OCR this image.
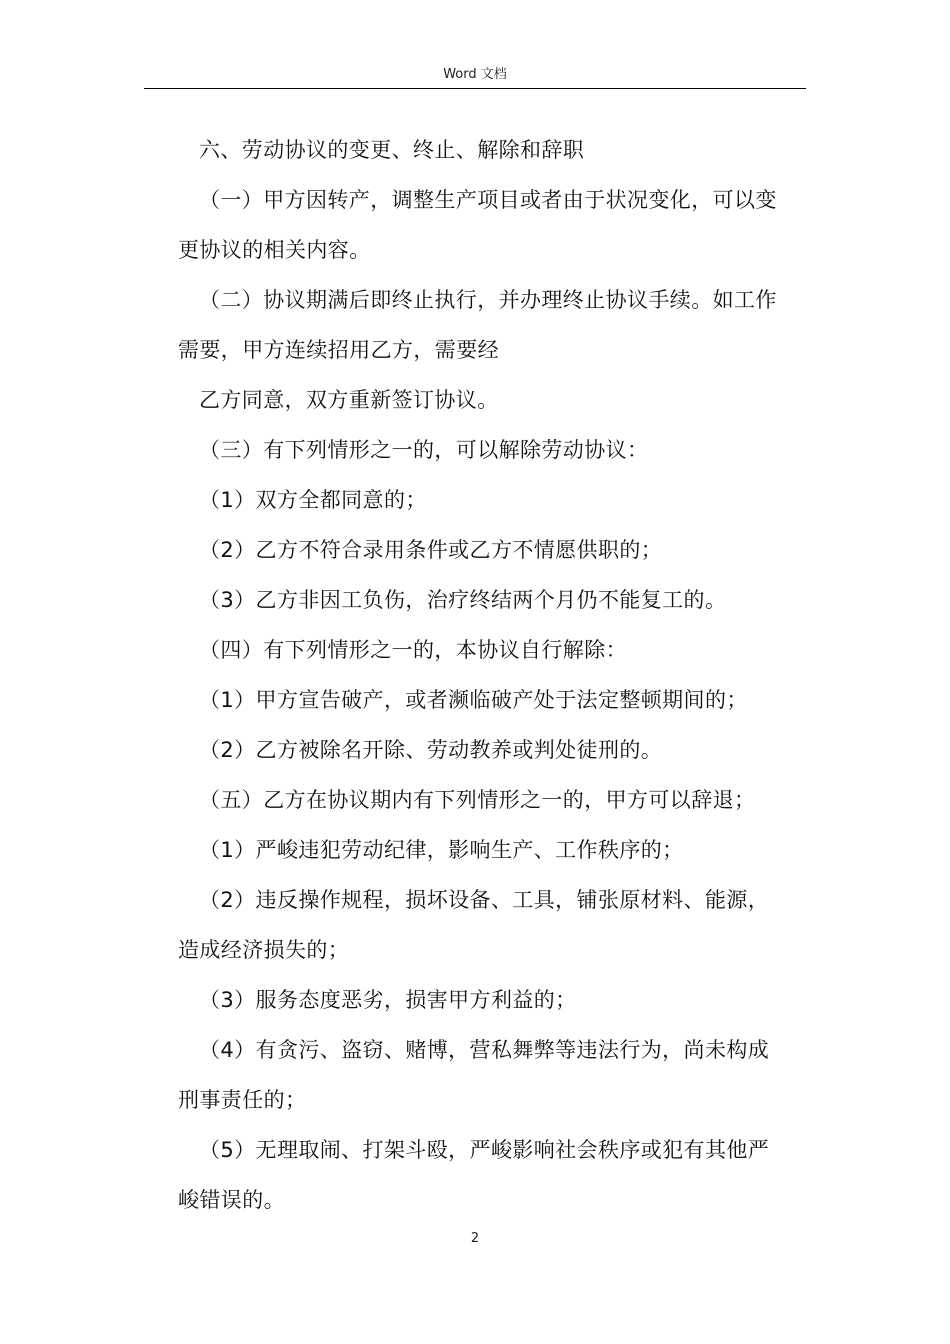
Word 文档
六、劳动协议的变更、终止、解除和辞职
（一）甲方因转产，调整生产项目或者由于状况变化，可以变
更协议的相关内容。
（二）协议期满后即终止执行，并办理终止协议手续。如工作
需要，甲方连续招用乙方，需要经
乙方同意，双方重新签订协议。
（三）有下列情形之一的，可以解除劳动协议：
（1）双方全都同意的；
（2）乙方不符合录用条件或乙方不情愿供职的；
（3）乙方非因工负伤，治疗终结两个月仍不能复工的。
（四）有下列情形之一的，本协议自行解除：
（1）甲方宣告破产，或者濒临破产处于法定整顿期间的；
（2）乙方被除名开除、劳动教养或判处徒刑的。
（五）乙方在协议期内有下列情形之一的，甲方可以辞退；
（1）严峻违犯劳动纪律，影响生产、工作秩序的；
（2）违反操作规程，损坏设备、工具，铺张原材料、能源，
造成经济损失的；
（3）服务态度恶劣，损害甲方利益的；
（4）有贪污、盗窃、赌博，营私舞弊等违法行为，尚未构成
刑事责任的；
（5）无理取闹、打架斗殴，严峻影响社会秩序或犯有其他严
峻错误的。
2
